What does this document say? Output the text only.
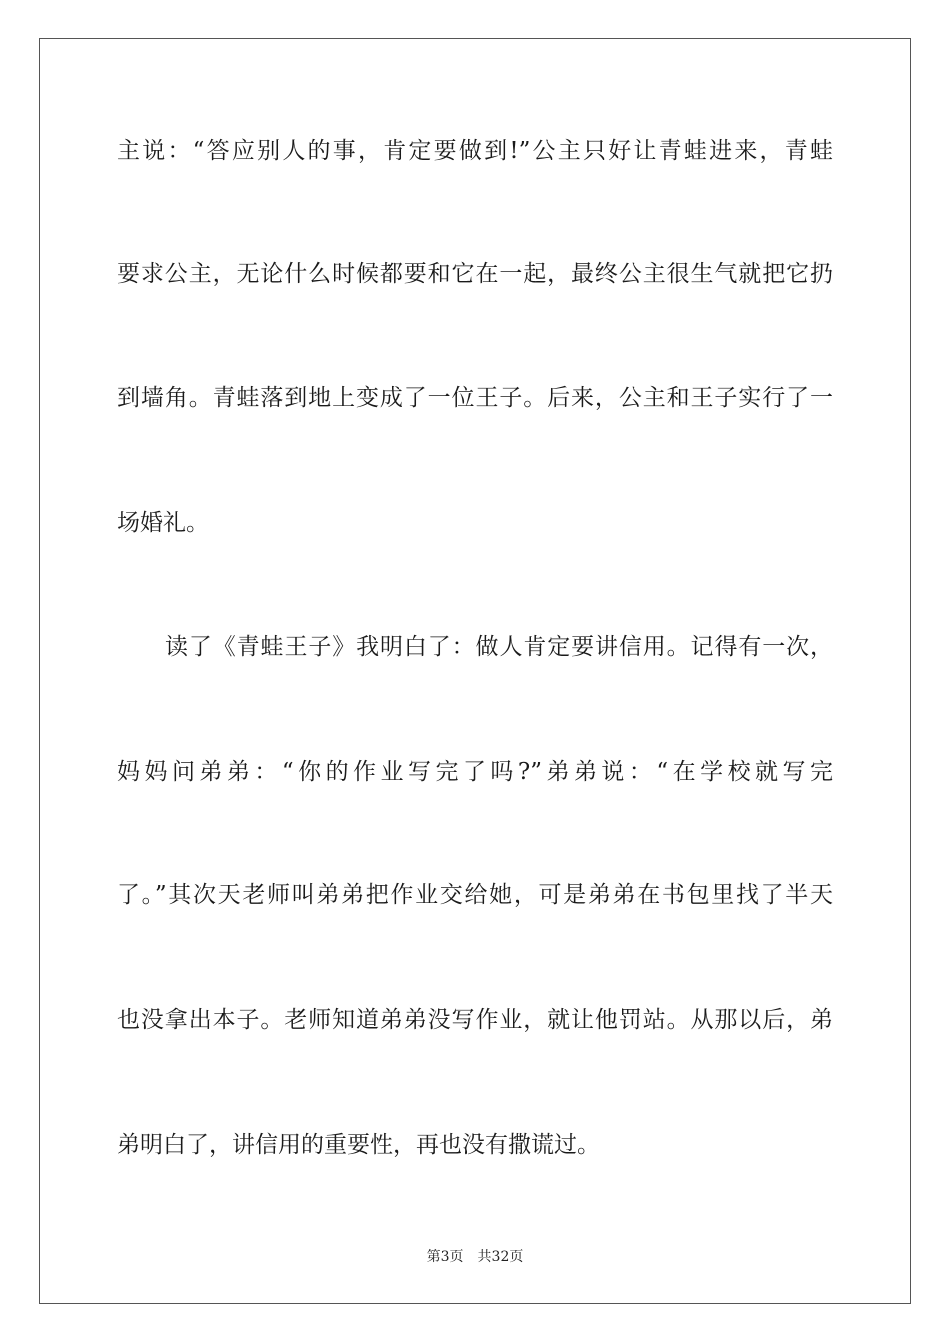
主说：“答应别人的事，肯定要做到!”公主只好让青蛙进来，青蛙
要求公主，无论什么时候都要和它在一起，最终公主很生气就把它扔
到墙角。青蛙落到地上变成了一位王子。后来，公主和王子实行了一
场婚礼。
读了《青蛙王子》我明白了：做人肯定要讲信用。记得有一次，
妈妈问弟弟：“你的作业写完了吗?”弟弟说：“在学校就写完
了。”其次天老师叫弟弟把作业交给她，可是弟弟在书包里找了半天
也没拿出本子。老师知道弟弟没写作业，就让他罚站。从那以后，弟
弟明白了，讲信用的重要性，再也没有撒谎过。
第3页 共32页
